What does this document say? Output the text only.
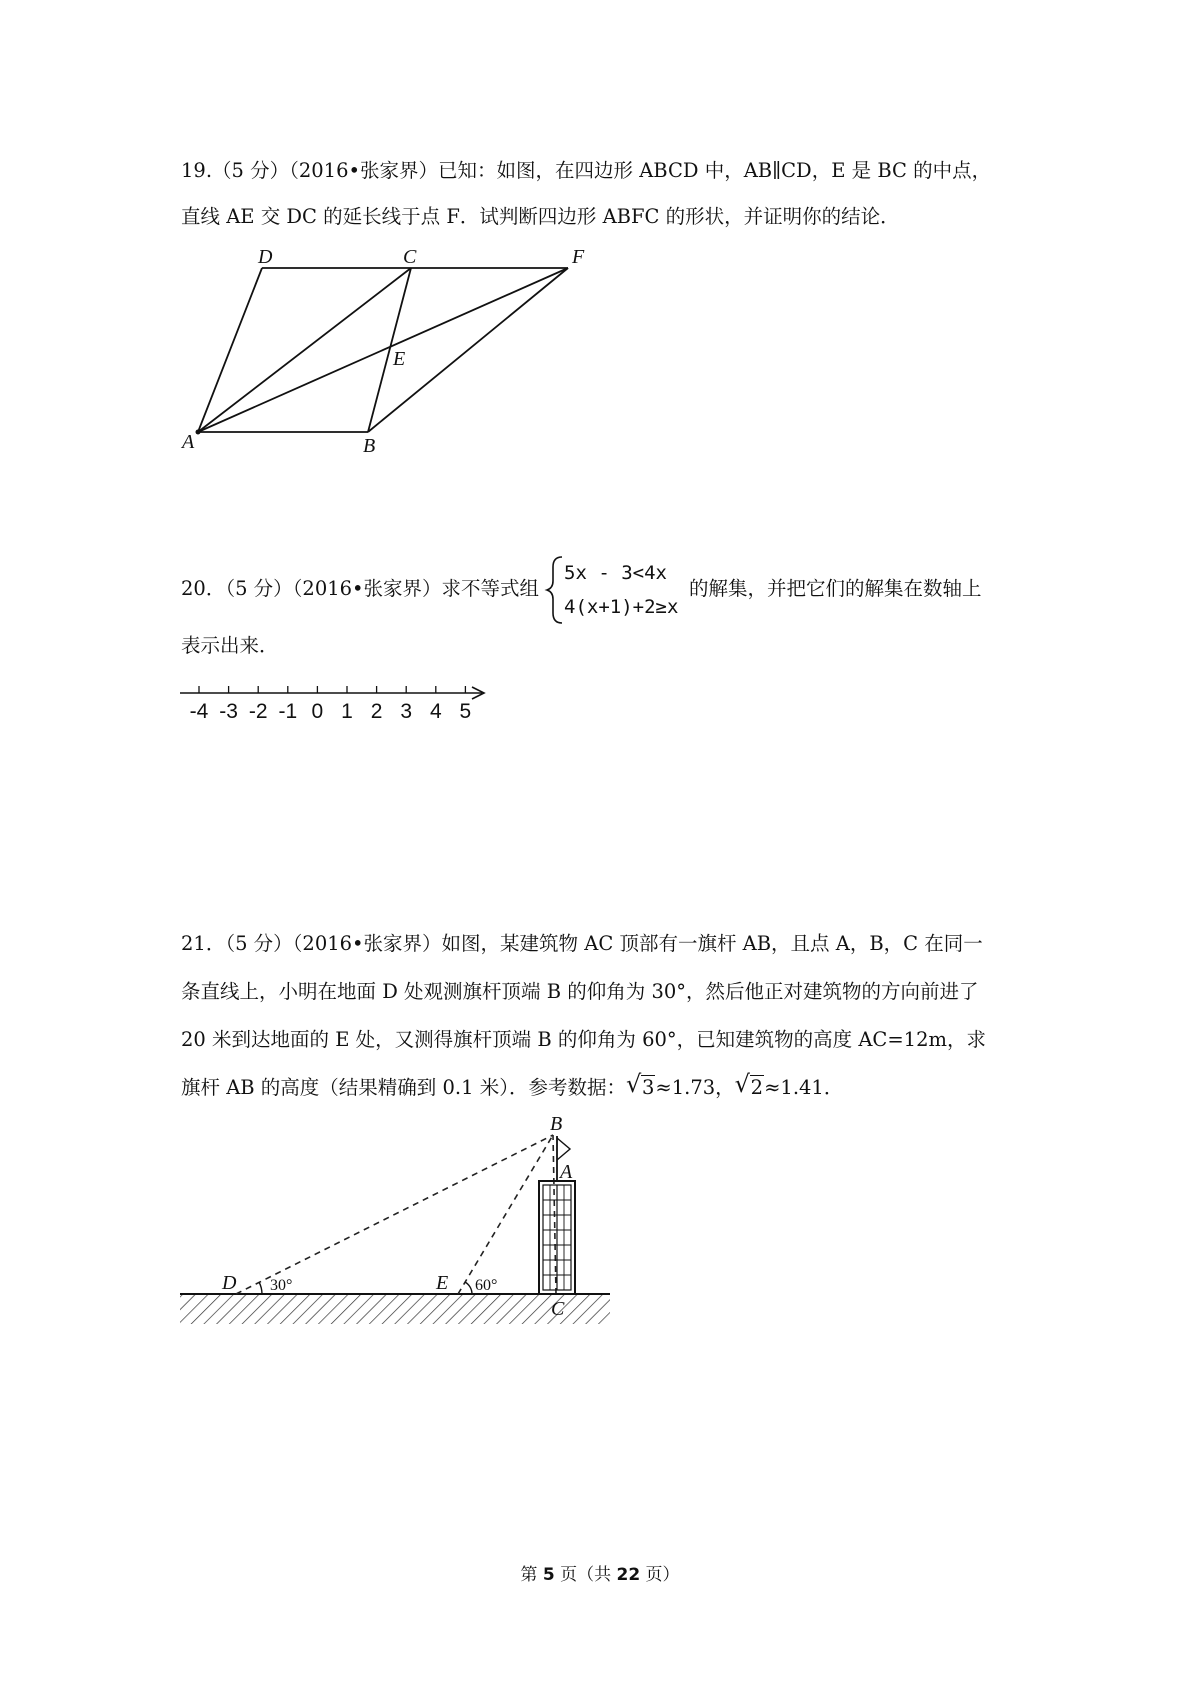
19.（5 分）（2016•张家界）已知：如图，在四边形 ABCD 中，AB∥CD，E 是 BC 的中点，
直线 AE 交 DC 的延长线于点 F．试判断四边形 ABFC 的形状，并证明你的结论．
D	C	F
E
A	B
20．（5 分）（2016•张家界）求不等式组	的解集，并把它们的解集在数轴上
5x - 3<4x
4(x+1)+2≥x
表示出来．
-4 -3 -2 -1 0 1 2 3 4 5
21．（5 分）（2016•张家界）如图，某建筑物 AC 顶部有一旗杆 AB，且点 A，B，C 在同一
条直线上，小明在地面 D 处观测旗杆顶端 B 的仰角为 30°，然后他正对建筑物的方向前进了
20 米到达地面的 E 处，又测得旗杆顶端 B 的仰角为 60°，已知建筑物的高度 AC=12m，求
旗杆 AB 的高度（结果精确到 0.1 米）．参考数据： √ 3≈1.73， √ 2≈1.41．
B
A
C
D	E
30°	60°
第 5 页（共 22 页）
